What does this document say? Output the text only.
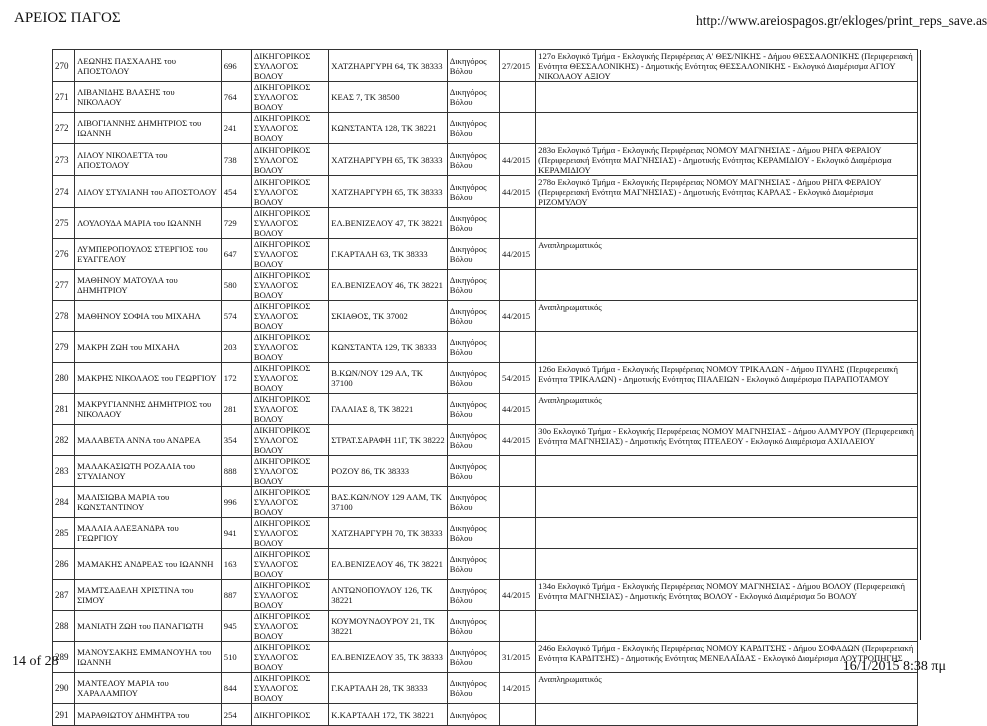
ΑΡΕΙΟΣ ΠΑΓΟΣ	http://www.areiospagos.gr/ekloges/print_reps_save.as
270	ΛΕΩΝΗΣ ΠΑΣΧΑΛΗΣ του ΑΠΟΣΤΟΛΟΥ	696	ΔΙΚΗΓΟΡΙΚΟΣ ΣΥΛΛΟΓΟΣ ΒΟΛΟΥ	ΧΑΤΖΗΑΡΓΥΡΗ 64, ΤΚ 38333	Δικηγόρος Βόλου	27/2015	127ο Εκλογικό Τμήμα - Εκλογικής Περιφέρειας Α' ΘΕΣ/ΝΙΚΗΣ - Δήμου ΘΕΣΣΑΛΟΝΙΚΗΣ (Περιφερειακή Ενότητα ΘΕΣΣΑΛΟΝΙΚΗΣ) - Δημοτικής Ενότητας ΘΕΣΣΑΛΟΝΙΚΗΣ - Εκλογικό Διαμέρισμα ΑΓΙΟΥ ΝΙΚΟΛΑΟΥ ΑΞΙΟΥ
271	ΛΙΒΑΝΙΔΗΣ ΒΛΑΣΗΣ του ΝΙΚΟΛΑΟΥ	764	ΔΙΚΗΓΟΡΙΚΟΣ ΣΥΛΛΟΓΟΣ ΒΟΛΟΥ	ΚΕΑΣ 7, ΤΚ 38500	Δικηγόρος Βόλου		
272	ΛΙΒΟΓΙΑΝΝΗΣ ΔΗΜΗΤΡΙΟΣ του ΙΩΑΝΝΗ	241	ΔΙΚΗΓΟΡΙΚΟΣ ΣΥΛΛΟΓΟΣ ΒΟΛΟΥ	ΚΩΝΣΤΑΝΤΑ 128, ΤΚ 38221	Δικηγόρος Βόλου		
273	ΛΙΛΟΥ ΝΙΚΟΛΕΤΤΑ του ΑΠΟΣΤΟΛΟΥ	738	ΔΙΚΗΓΟΡΙΚΟΣ ΣΥΛΛΟΓΟΣ ΒΟΛΟΥ	ΧΑΤΖΗΑΡΓΥΡΗ 65, ΤΚ 38333	Δικηγόρος Βόλου	44/2015	283ο Εκλογικό Τμήμα - Εκλογικής Περιφέρειας ΝΟΜΟΥ ΜΑΓΝΗΣΙΑΣ - Δήμου ΡΗΓΑ ΦΕΡΑΙΟΥ (Περιφερειακή Ενότητα ΜΑΓΝΗΣΙΑΣ) - Δημοτικής Ενότητας ΚΕΡΑΜΙΔΙΟΥ - Εκλογικό Διαμέρισμα ΚΕΡΑΜΙΔΙΟΥ
274	ΛΙΛΟΥ ΣΤΥΛΙΑΝΗ του ΑΠΟΣΤΟΛΟΥ	454	ΔΙΚΗΓΟΡΙΚΟΣ ΣΥΛΛΟΓΟΣ ΒΟΛΟΥ	ΧΑΤΖΗΑΡΓΥΡΗ 65, ΤΚ 38333	Δικηγόρος Βόλου	44/2015	278ο Εκλογικό Τμήμα - Εκλογικής Περιφέρειας ΝΟΜΟΥ ΜΑΓΝΗΣΙΑΣ - Δήμου ΡΗΓΑ ΦΕΡΑΙΟΥ (Περιφερειακή Ενότητα ΜΑΓΝΗΣΙΑΣ) - Δημοτικής Ενότητας ΚΑΡΛΑΣ - Εκλογικό Διαμέρισμα ΡΙΖΟΜΥΛΟΥ
275	ΛΟΥΛΟΥΔΑ ΜΑΡΙΑ του ΙΩΑΝΝΗ	729	ΔΙΚΗΓΟΡΙΚΟΣ ΣΥΛΛΟΓΟΣ ΒΟΛΟΥ	ΕΛ.ΒΕΝΙΖΕΛΟΥ 47, ΤΚ 38221	Δικηγόρος Βόλου		
276	ΛΥΜΠΕΡΟΠΟΥΛΟΣ ΣΤΕΡΓΙΟΣ του ΕΥΑΓΓΕΛΟΥ	647	ΔΙΚΗΓΟΡΙΚΟΣ ΣΥΛΛΟΓΟΣ ΒΟΛΟΥ	Γ.ΚΑΡΤΑΛΗ 63, ΤΚ 38333	Δικηγόρος Βόλου	44/2015	Αναπληρωματικός
277	ΜΑΘΗΝΟΥ ΜΑΤΟΥΛΑ του ΔΗΜΗΤΡΙΟΥ	580	ΔΙΚΗΓΟΡΙΚΟΣ ΣΥΛΛΟΓΟΣ ΒΟΛΟΥ	ΕΛ.ΒΕΝΙΖΕΛΟΥ 46, ΤΚ 38221	Δικηγόρος Βόλου		
278	ΜΑΘΗΝΟΥ ΣΟΦΙΑ του ΜΙΧΑΗΛ	574	ΔΙΚΗΓΟΡΙΚΟΣ ΣΥΛΛΟΓΟΣ ΒΟΛΟΥ	ΣΚΙΑΘΟΣ, ΤΚ 37002	Δικηγόρος Βόλου	44/2015	Αναπληρωματικός
279	ΜΑΚΡΗ ΖΩΗ του ΜΙΧΑΗΛ	203	ΔΙΚΗΓΟΡΙΚΟΣ ΣΥΛΛΟΓΟΣ ΒΟΛΟΥ	ΚΩΝΣΤΑΝΤΑ 129, ΤΚ 38333	Δικηγόρος Βόλου		
280	ΜΑΚΡΗΣ ΝΙΚΟΛΑΟΣ του ΓΕΩΡΓΙΟΥ	172	ΔΙΚΗΓΟΡΙΚΟΣ ΣΥΛΛΟΓΟΣ ΒΟΛΟΥ	Β.ΚΩΝ/ΝΟΥ 129 ΑΛ, ΤΚ 37100	Δικηγόρος Βόλου	54/2015	126ο Εκλογικό Τμήμα - Εκλογικής Περιφέρειας ΝΟΜΟΥ ΤΡΙΚΑΛΩΝ - Δήμου ΠΥΛΗΣ (Περιφερειακή Ενότητα ΤΡΙΚΑΛΩΝ) - Δημοτικής Ενότητας ΠΙΑΛΕΙΩΝ - Εκλογικό Διαμέρισμα ΠΑΡΑΠΟΤΑΜΟΥ
281	ΜΑΚΡΥΓΙΑΝΝΗΣ ΔΗΜΗΤΡΙΟΣ του ΝΙΚΟΛΑΟΥ	281	ΔΙΚΗΓΟΡΙΚΟΣ ΣΥΛΛΟΓΟΣ ΒΟΛΟΥ	ΓΑΛΛΙΑΣ 8, ΤΚ 38221	Δικηγόρος Βόλου	44/2015	Αναπληρωματικός
282	ΜΑΛΑΒΕΤΑ ΑΝΝΑ του ΑΝΔΡΕΑ	354	ΔΙΚΗΓΟΡΙΚΟΣ ΣΥΛΛΟΓΟΣ ΒΟΛΟΥ	ΣΤΡΑΤ.ΣΑΡΑΦΗ 11Γ, ΤΚ 38222	Δικηγόρος Βόλου	44/2015	30ο Εκλογικό Τμήμα - Εκλογικής Περιφέρειας ΝΟΜΟΥ ΜΑΓΝΗΣΙΑΣ - Δήμου ΑΛΜΥΡΟΥ (Περιφερειακή Ενότητα ΜΑΓΝΗΣΙΑΣ) - Δημοτικής Ενότητας ΠΤΕΛΕΟΥ - Εκλογικό Διαμέρισμα ΑΧΙΛΛΕΙΟΥ
283	ΜΑΛΑΚΑΣΙΩΤΗ ΡΟΖΑΛΙΑ του ΣΤΥΛΙΑΝΟΥ	888	ΔΙΚΗΓΟΡΙΚΟΣ ΣΥΛΛΟΓΟΣ ΒΟΛΟΥ	ΡΟΖΟΥ 86, ΤΚ 38333	Δικηγόρος Βόλου		
284	ΜΑΛΙΣΙΩΒΑ ΜΑΡΙΑ του ΚΩΝΣΤΑΝΤΙΝΟΥ	996	ΔΙΚΗΓΟΡΙΚΟΣ ΣΥΛΛΟΓΟΣ ΒΟΛΟΥ	ΒΑΣ.ΚΩΝ/ΝΟΥ 129 ΑΛΜ, ΤΚ 37100	Δικηγόρος Βόλου		
285	ΜΑΛΛΙΑ ΑΛΕΞΑΝΔΡΑ του ΓΕΩΡΓΙΟΥ	941	ΔΙΚΗΓΟΡΙΚΟΣ ΣΥΛΛΟΓΟΣ ΒΟΛΟΥ	ΧΑΤΖΗΑΡΓΥΡΗ 70, ΤΚ 38333	Δικηγόρος Βόλου		
286	ΜΑΜΑΚΗΣ ΑΝΔΡΕΑΣ του ΙΩΑΝΝΗ	163	ΔΙΚΗΓΟΡΙΚΟΣ ΣΥΛΛΟΓΟΣ ΒΟΛΟΥ	ΕΛ.ΒΕΝΙΖΕΛΟΥ 46, ΤΚ 38221	Δικηγόρος Βόλου		
287	ΜΑΜΤΣΑΔΕΛΗ ΧΡΙΣΤΙΝΑ του ΣΙΜΟΥ	887	ΔΙΚΗΓΟΡΙΚΟΣ ΣΥΛΛΟΓΟΣ ΒΟΛΟΥ	ΑΝΤΩΝΟΠΟΥΛΟΥ 126, ΤΚ 38221	Δικηγόρος Βόλου	44/2015	134ο Εκλογικό Τμήμα - Εκλογικής Περιφέρειας ΝΟΜΟΥ ΜΑΓΝΗΣΙΑΣ - Δήμου ΒΟΛΟΥ (Περιφερειακή Ενότητα ΜΑΓΝΗΣΙΑΣ) - Δημοτικής Ενότητας ΒΟΛΟΥ - Εκλογικό Διαμέρισμα 5ο ΒΟΛΟΥ
288	ΜΑΝΙΑΤΗ ΖΩΗ του ΠΑΝΑΓΙΩΤΗ	945	ΔΙΚΗΓΟΡΙΚΟΣ ΣΥΛΛΟΓΟΣ ΒΟΛΟΥ	ΚΟΥΜΟΥΝΔΟΥΡΟΥ 21, ΤΚ 38221	Δικηγόρος Βόλου		
289	ΜΑΝΟΥΣΑΚΗΣ ΕΜΜΑΝΟΥΗΛ του ΙΩΑΝΝΗ	510	ΔΙΚΗΓΟΡΙΚΟΣ ΣΥΛΛΟΓΟΣ ΒΟΛΟΥ	ΕΛ.ΒΕΝΙΖΕΛΟΥ 35, ΤΚ 38333	Δικηγόρος Βόλου	31/2015	246ο Εκλογικό Τμήμα - Εκλογικής Περιφέρειας ΝΟΜΟΥ ΚΑΡΔΙΤΣΗΣ - Δήμου ΣΟΦΑΔΩΝ (Περιφερειακή Ενότητα ΚΑΡΔΙΤΣΗΣ) - Δημοτικής Ενότητας ΜΕΝΕΛΑΪΔΑΣ - Εκλογικό Διαμέρισμα ΛΟΥΤΡΟΠΗΓΗΣ
290	ΜΑΝΤΕΛΟΥ ΜΑΡΙΑ του ΧΑΡΑΛΑΜΠΟΥ	844	ΔΙΚΗΓΟΡΙΚΟΣ ΣΥΛΛΟΓΟΣ ΒΟΛΟΥ	Γ.ΚΑΡΤΑΛΗ 28, ΤΚ 38333	Δικηγόρος Βόλου	14/2015	Αναπληρωματικός
291	ΜΑΡΑΘΙΩΤΟΥ ΔΗΜΗΤΡΑ του	254	ΔΙΚΗΓΟΡΙΚΟΣ	Κ.ΚΑΡΤΑΛΗ 172, ΤΚ 38221	Δικηγόρος		
14 of 28	16/1/2015 8:38 πμ
